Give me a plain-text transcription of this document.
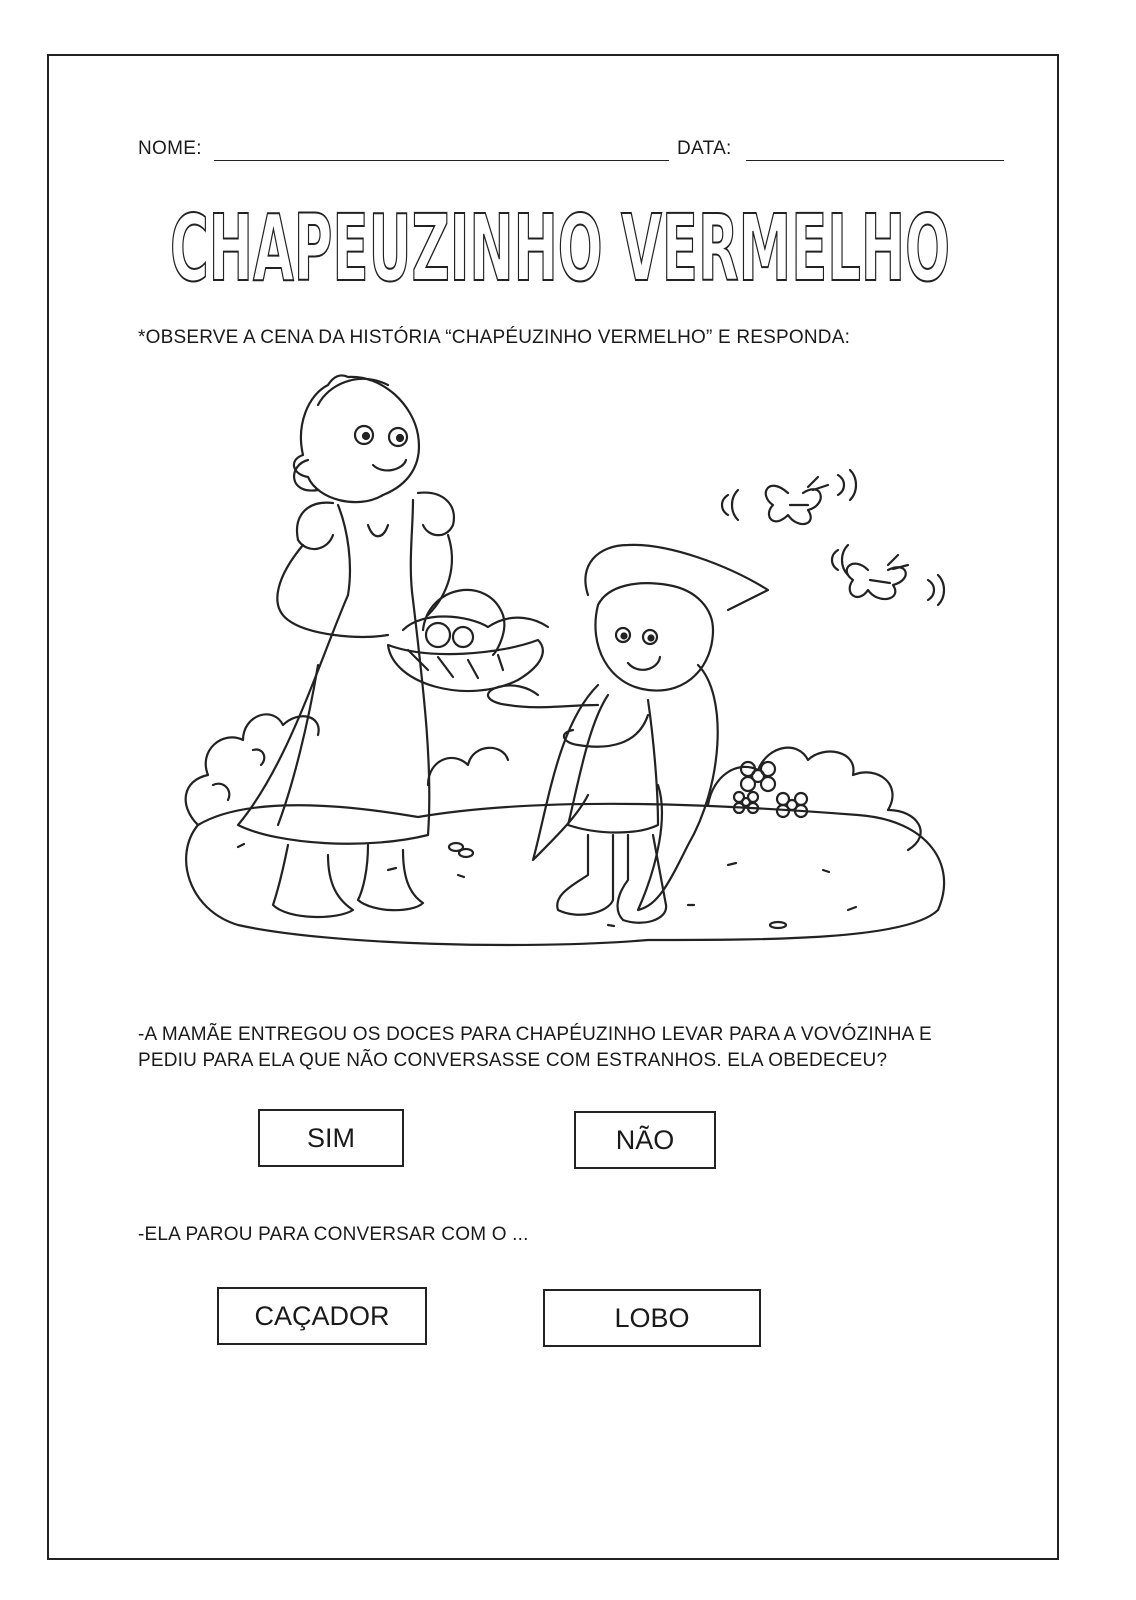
NOME:	DATA:
CHAPEUZINHO VERMELHO
*OBSERVE A CENA DA HISTÓRIA “CHAPÉUZINHO VERMELHO” E RESPONDA:
-A MAMÃE ENTREGOU OS DOCES PARA CHAPÉUZINHO LEVAR PARA A VOVÓZINHA E
PEDIU PARA ELA QUE NÃO CONVERSASSE COM ESTRANHOS. ELA OBEDECEU?
SIM	NÃO
-ELA PAROU PARA CONVERSAR COM O ...
CAÇADOR	LOBO
